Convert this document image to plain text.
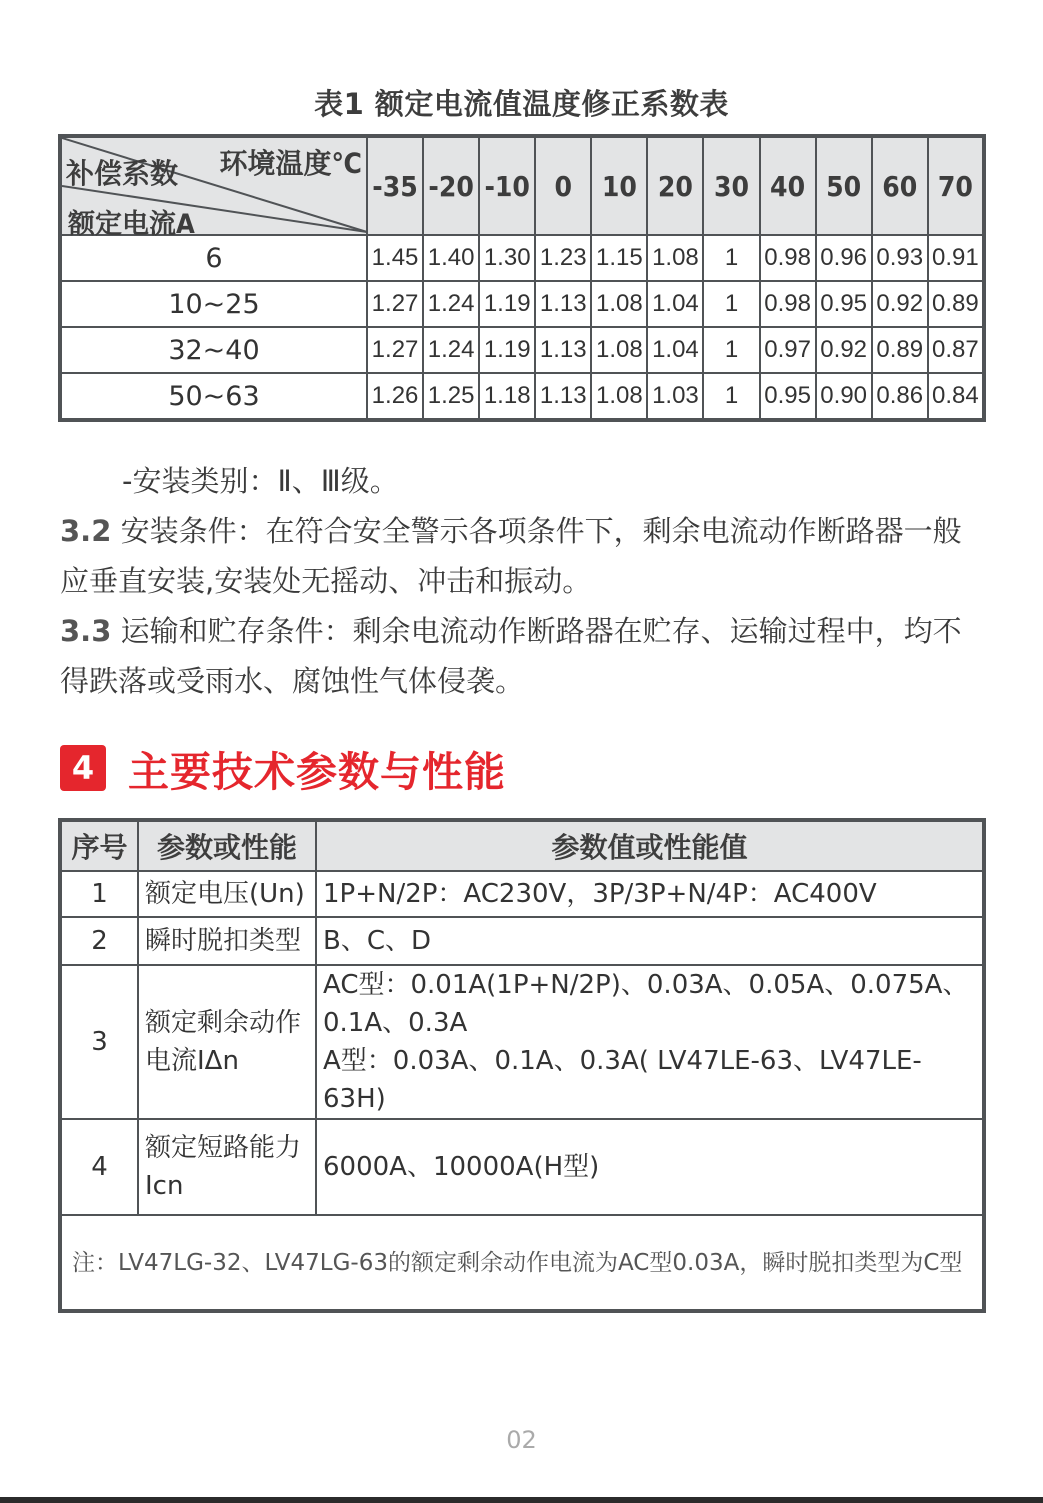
表1 额定电流值温度修正系数表
环境温度℃
补偿系数
额定电流A	-35	-20	-10	0	10	20	30	40	50	60	70
6	1.45	1.40	1.30	1.23	1.15	1.08	1	0.98	0.96	0.93	0.91
10~25	1.27	1.24	1.19	1.13	1.08	1.04	1	0.98	0.95	0.92	0.89
32~40	1.27	1.24	1.19	1.13	1.08	1.04	1	0.97	0.92	0.89	0.87
50~63	1.26	1.25	1.18	1.13	1.08	1.03	1	0.95	0.90	0.86	0.84
-安装类别：Ⅱ、Ⅲ级。
3.2 安装条件：在符合安全警示各项条件下，剩余电流动作断路器一般应垂直安装,安装处无摇动、冲击和振动。
3.3 运输和贮存条件：剩余电流动作断路器在贮存、运输过程中，均不得跌落或受雨水、腐蚀性气体侵袭。
4 主要技术参数与性能
序号	参数或性能	参数值或性能值
1	额定电压(Un)	1P+N/2P：AC230V，3P/3P+N/4P：AC400V
2	瞬时脱扣类型	B、C、D
3	额定剩余动作电流IΔn	AC型：0.01A(1P+N/2P)、0.03A、0.05A、0.075A、0.1A、0.3A
A型：0.03A、0.1A、0.3A( LV47LE-63、LV47LE-63H)

4	额定短路能力Icn	6000A、10000A(H型)
注：LV47LG-32、LV47LG-63的额定剩余动作电流为AC型0.03A，瞬时脱扣类型为C型		
02
